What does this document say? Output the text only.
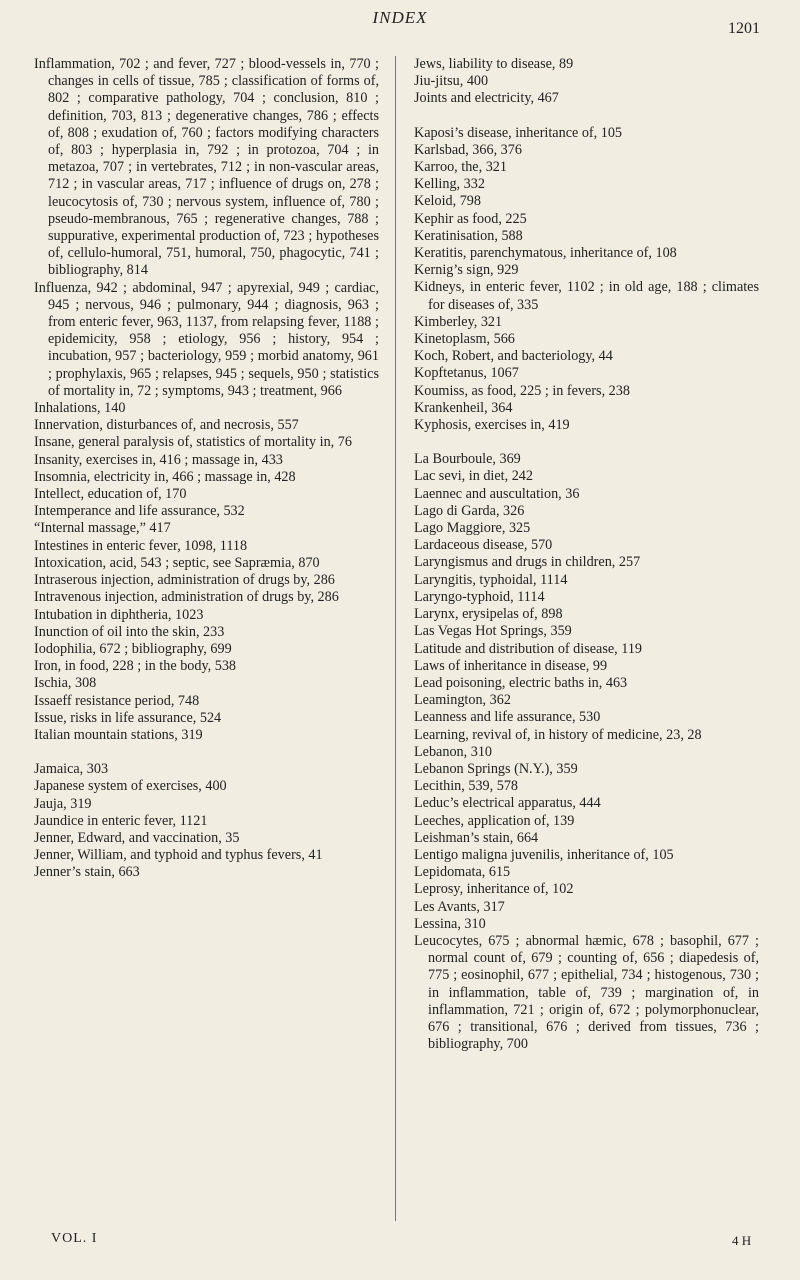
INDEX
1201

Inflammation, 702 ; and fever, 727 ; blood-vessels in, 770 ; changes in cells of tissue, 785 ; classification of forms of, 802 ; comparative pathology, 704 ; conclusion, 810 ; definition, 703, 813 ; degenerative changes, 786 ; effects of, 808 ; exudation of, 760 ; factors modifying characters of, 803 ; hyperplasia in, 792 ; in protozoa, 704 ; in metazoa, 707 ; in vertebrates, 712 ; in non-vascular areas, 712 ; in vascular areas, 717 ; influence of drugs on, 278 ; leucocytosis of, 730 ; nervous system, influence of, 780 ; pseudo-membranous, 765 ; regenerative changes, 788 ; suppurative, experimental production of, 723 ; hypotheses of, cellulo-humoral, 751, humoral, 750, phagocytic, 741 ; bibliography, 814

Influenza, 942 ; abdominal, 947 ; apyrexial, 949 ; cardiac, 945 ; nervous, 946 ; pulmonary, 944 ; diagnosis, 963 ; from enteric fever, 963, 1137, from relapsing fever, 1188 ; epidemicity, 958 ; etiology, 956 ; history, 954 ; incubation, 957 ; bacteriology, 959 ; morbid anatomy, 961 ; prophylaxis, 965 ; relapses, 945 ; sequels, 950 ; statistics of mortality in, 72 ; symptoms, 943 ; treatment, 966

Inhalations, 140

Innervation, disturbances of, and necrosis, 557

Insane, general paralysis of, statistics of mortality in, 76

Insanity, exercises in, 416 ; massage in, 433

Insomnia, electricity in, 466 ; massage in, 428

Intellect, education of, 170

Intemperance and life assurance, 532

“Internal massage,” 417

Intestines in enteric fever, 1098, 1118

Intoxication, acid, 543 ; septic, see Sapræmia, 870

Intraserous injection, administration of drugs by, 286

Intravenous injection, administration of drugs by, 286

Intubation in diphtheria, 1023

Inunction of oil into the skin, 233

Iodophilia, 672 ; bibliography, 699

Iron, in food, 228 ; in the body, 538

Ischia, 308

Issaeff resistance period, 748

Issue, risks in life assurance, 524

Italian mountain stations, 319

Jamaica, 303

Japanese system of exercises, 400

Jauja, 319

Jaundice in enteric fever, 1121

Jenner, Edward, and vaccination, 35

Jenner, William, and typhoid and typhus fevers, 41

Jenner’s stain, 663

Jews, liability to disease, 89

Jiu-jitsu, 400

Joints and electricity, 467

Kaposi’s disease, inheritance of, 105

Karlsbad, 366, 376

Karroo, the, 321

Kelling, 332

Keloid, 798

Kephir as food, 225

Keratinisation, 588

Keratitis, parenchymatous, inheritance of, 108

Kernig’s sign, 929

Kidneys, in enteric fever, 1102 ; in old age, 188 ; climates for diseases of, 335

Kimberley, 321

Kinetoplasm, 566

Koch, Robert, and bacteriology, 44

Kopftetanus, 1067

Koumiss, as food, 225 ; in fevers, 238

Krankenheil, 364

Kyphosis, exercises in, 419

La Bourboule, 369

Lac sevi, in diet, 242

Laennec and auscultation, 36

Lago di Garda, 326

Lago Maggiore, 325

Lardaceous disease, 570

Laryngismus and drugs in children, 257

Laryngitis, typhoidal, 1114

Laryngo-typhoid, 1114

Larynx, erysipelas of, 898

Las Vegas Hot Springs, 359

Latitude and distribution of disease, 119

Laws of inheritance in disease, 99

Lead poisoning, electric baths in, 463

Leamington, 362

Leanness and life assurance, 530

Learning, revival of, in history of medicine, 23, 28

Lebanon, 310

Lebanon Springs (N.Y.), 359

Lecithin, 539, 578

Leduc’s electrical apparatus, 444

Leeches, application of, 139

Leishman’s stain, 664

Lentigo maligna juvenilis, inheritance of, 105

Lepidomata, 615

Leprosy, inheritance of, 102

Les Avants, 317

Lessina, 310

Leucocytes, 675 ; abnormal hæmic, 678 ; basophil, 677 ; normal count of, 679 ; counting of, 656 ; diapedesis of, 775 ; eosinophil, 677 ; epithelial, 734 ; histogenous, 730 ; in inflammation, table of, 739 ; margination of, in inflammation, 721 ; origin of, 672 ; polymorphonuclear, 676 ; transitional, 676 ; derived from tissues, 736 ; bibliography, 700

VOL. I	4 H
